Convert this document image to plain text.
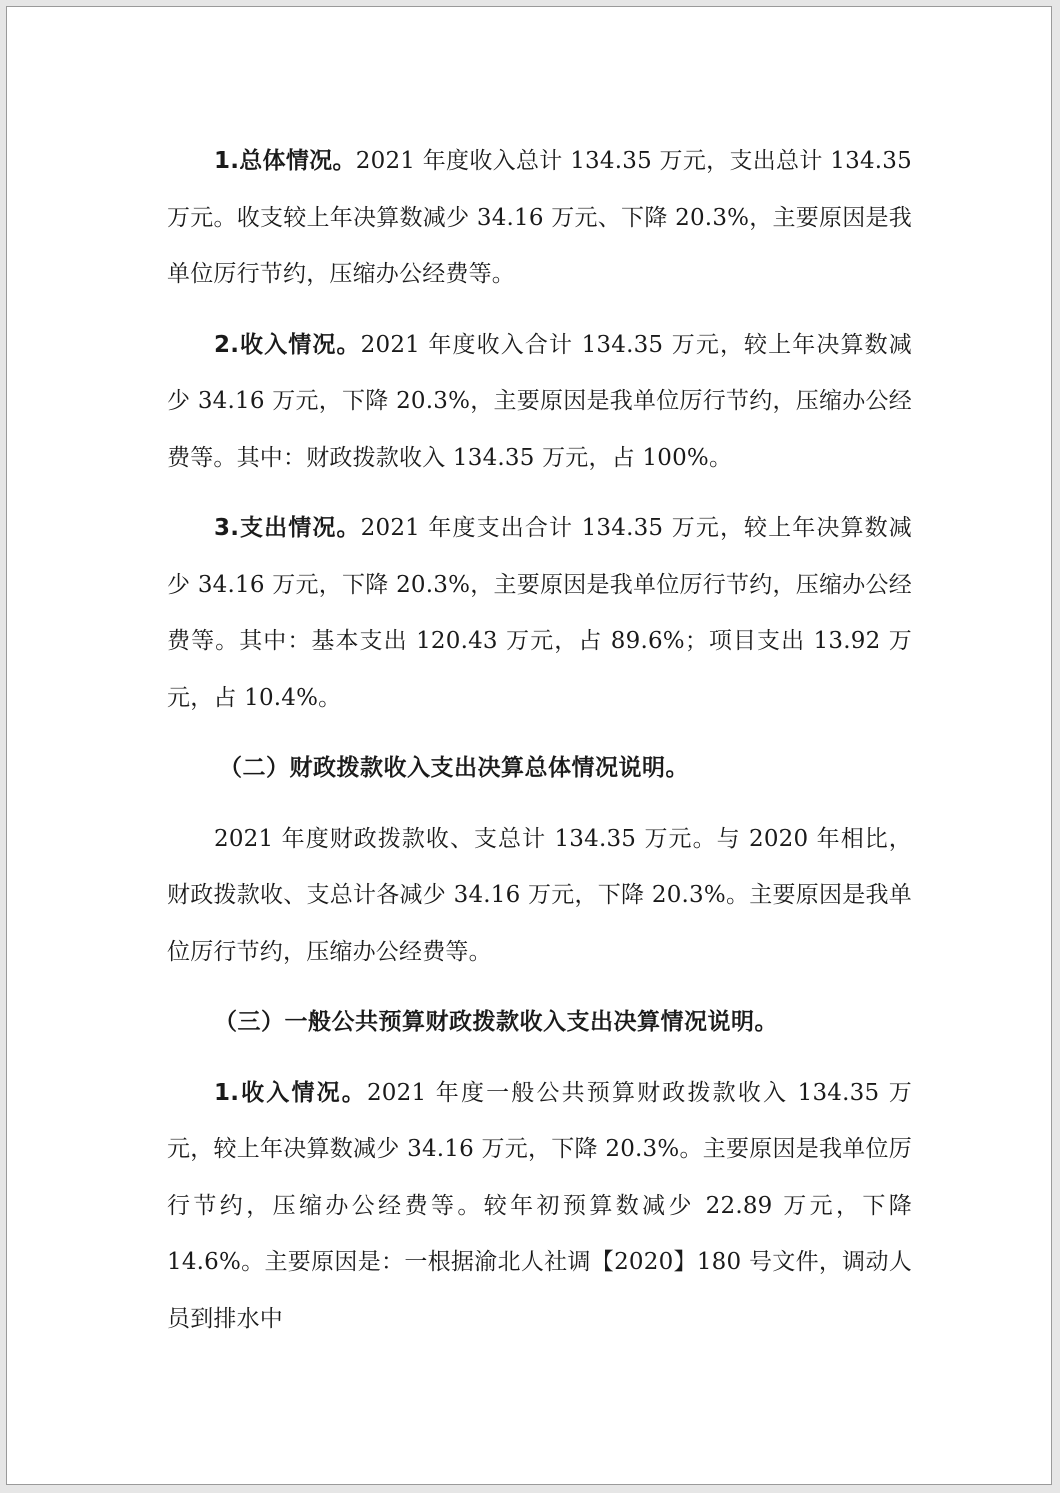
1.总体情况。2021 年度收入总计 134.35 万元，支出总计 134.35 万元。收支较上年决算数减少 34.16 万元、下降 20.3%，主要原因是我单位厉行节约，压缩办公经费等。

2.收入情况。2021 年度收入合计 134.35 万元，较上年决算数减少 34.16 万元，下降 20.3%，主要原因是我单位厉行节约，压缩办公经费等。其中：财政拨款收入 134.35 万元，占 100%。

3.支出情况。2021 年度支出合计 134.35 万元，较上年决算数减少 34.16 万元，下降 20.3%，主要原因是我单位厉行节约，压缩办公经费等。其中：基本支出 120.43 万元，占 89.6%；项目支出 13.92 万元，占 10.4%。

（二）财政拨款收入支出决算总体情况说明。

2021 年度财政拨款收、支总计 134.35 万元。与 2020 年相比，财政拨款收、支总计各减少 34.16 万元，下降 20.3%。主要原因是我单位厉行节约，压缩办公经费等。

（三）一般公共预算财政拨款收入支出决算情况说明。

1.收入情况。2021 年度一般公共预算财政拨款收入 134.35 万元，较上年决算数减少 34.16 万元，下降 20.3%。主要原因是我单位厉行节约，压缩办公经费等。较年初预算数减少 22.89 万元，下降 14.6%。主要原因是：一根据渝北人社调【2020】180 号文件，调动人员到排水中
